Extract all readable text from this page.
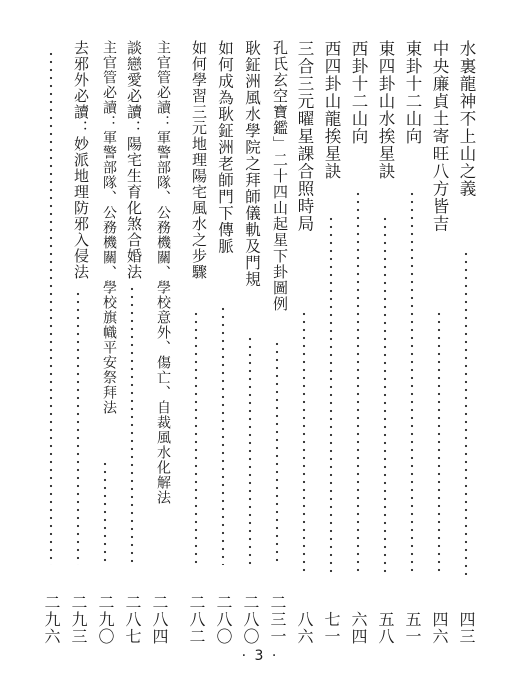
水裏龍神不上山之義
四三
中央廉貞土寄旺八方皆吉
四六
東卦十二山向
五一
東四卦山水挨星訣
五八
西卦十二山向
六四
西四卦山龍挨星訣
七一
三合三元曜星課合照時局
八六
孔氏玄空寶鑑」二十四山起星下卦圖例
二三一
耿鉦洲風水學院之拜師儀軌及門規
二八〇
如何成為耿鉦洲老師門下傳脈
二八〇
如何學習三元地理陽宅風水之步驟
二八二
主官管必讀：軍警部隊、公務機關、學校意外、傷亡、自裁風水化解法
二八四
談戀愛必讀：陽宅生育化煞合婚法
二八七
主官管必讀：軍警部隊、公務機關、學校旗幟平安祭拜法
二九〇
去邪外必讀：妙派地理防邪入侵法
二九三
二九六
· 3 ·
